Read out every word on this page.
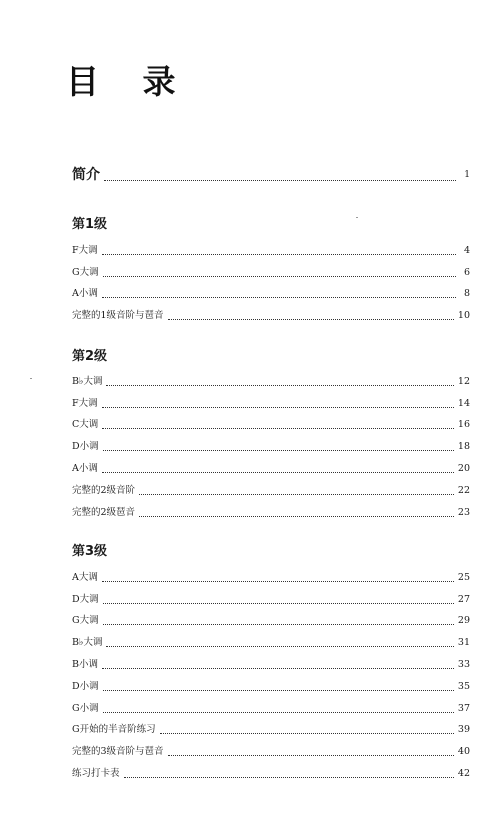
目 录
简介	1
第1级
F大调	4
G大调	6
A小调	8
完整的1级音阶与琶音	10
第2级
B♭大调	12
F大调	14
C大调	16
D小调	18
A小调	20
完整的2级音阶	22
完整的2级琶音	23
第3级
A大调	25
D大调	27
G大调	29
B♭大调	31
B小调	33
D小调	35
G小调	37
G开始的半音阶练习	39
完整的3级音阶与琶音	40
练习打卡表	42
